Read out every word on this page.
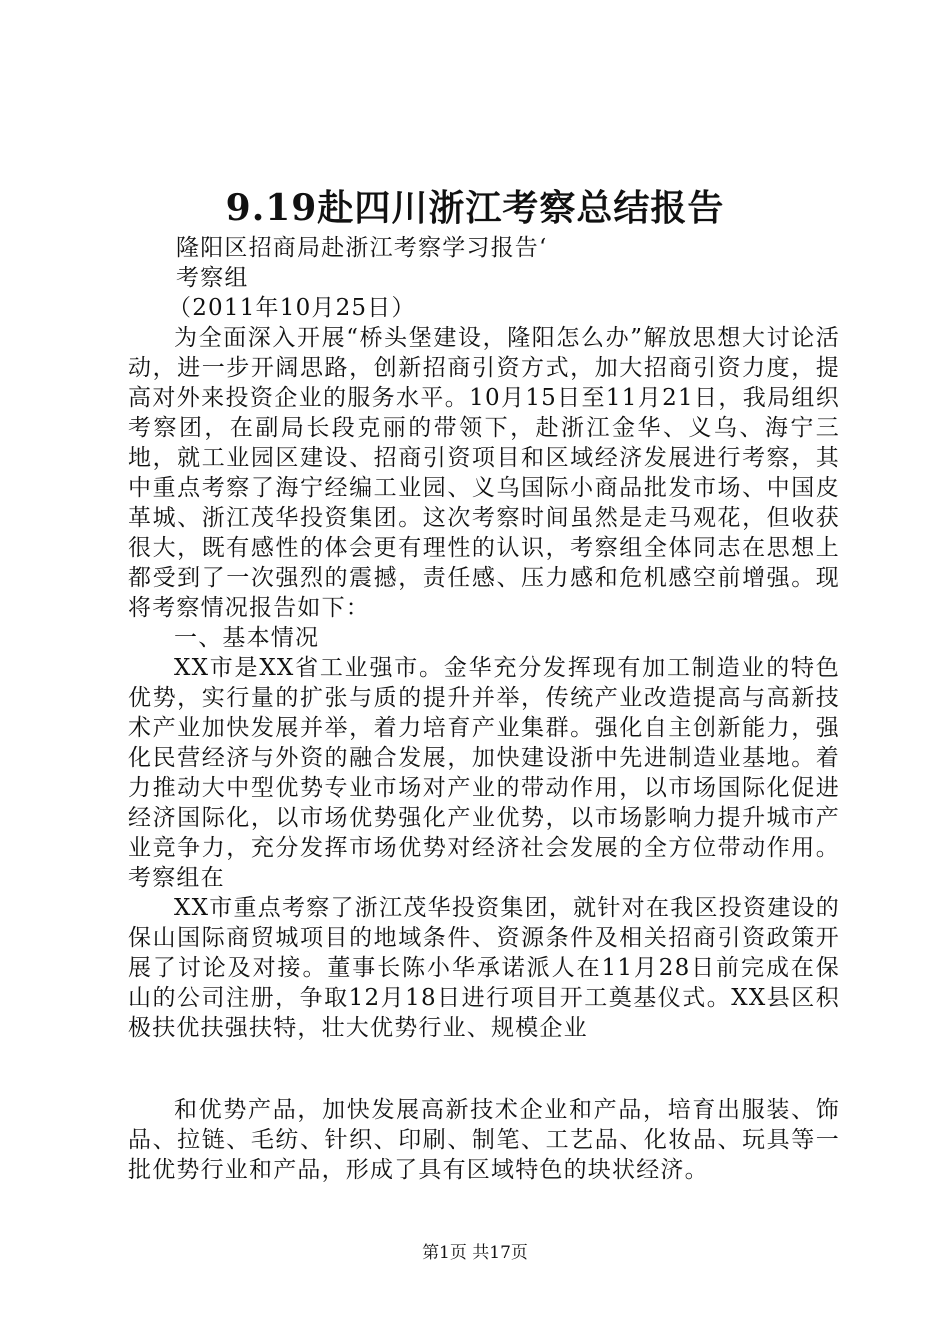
9.19赴四川浙江考察总结报告

隆阳区招商局赴浙江考察学习报告‘

考察组

（2011年10月25日）

为全面深入开展“桥头堡建设，隆阳怎么办”解放思想大讨论活动，进一步开阔思路，创新招商引资方式，加大招商引资力度，提高对外来投资企业的服务水平。10月15日至11月21日，我局组织考察团，在副局长段克丽的带领下，赴浙江金华、义乌、海宁三地，就工业园区建设、招商引资项目和区域经济发展进行考察，其中重点考察了海宁经编工业园、义乌国际小商品批发市场、中国皮革城、浙江茂华投资集团。这次考察时间虽然是走马观花，但收获很大，既有感性的体会更有理性的认识，考察组全体同志在思想上都受到了一次强烈的震撼，责任感、压力感和危机感空前增强。现将考察情况报告如下：

一、基本情况

XX市是XX省工业强市。金华充分发挥现有加工制造业的特色优势，实行量的扩张与质的提升并举，传统产业改造提高与高新技术产业加快发展并举，着力培育产业集群。强化自主创新能力，强化民营经济与外资的融合发展，加快建设浙中先进制造业基地。着力推动大中型优势专业市场对产业的带动作用，以市场国际化促进经济国际化，以市场优势强化产业优势，以市场影响力提升城市产业竞争力，充分发挥市场优势对经济社会发展的全方位带动作用。考察组在

XX市重点考察了浙江茂华投资集团，就针对在我区投资建设的保山国际商贸城项目的地域条件、资源条件及相关招商引资政策开展了讨论及对接。董事长陈小华承诺派人在11月28日前完成在保山的公司注册，争取12月18日进行项目开工奠基仪式。XX县区积极扶优扶强扶特，壮大优势行业、规模企业

和优势产品，加快发展高新技术企业和产品，培育出服装、饰品、拉链、毛纺、针织、印刷、制笔、工艺品、化妆品、玩具等一批优势行业和产品，形成了具有区域特色的块状经济。

第1页 共17页
